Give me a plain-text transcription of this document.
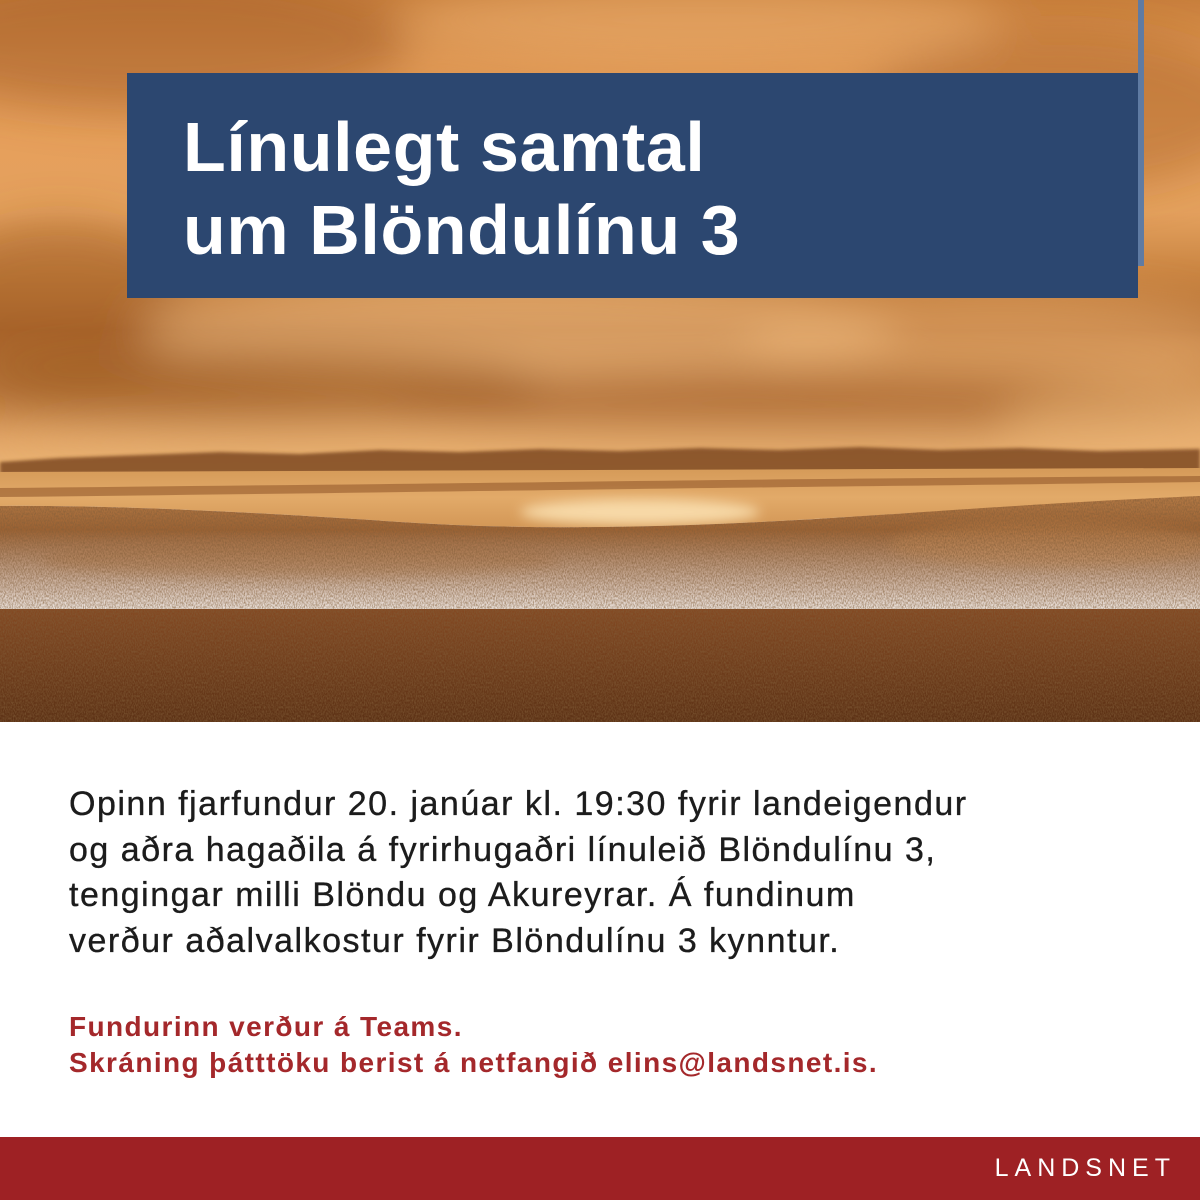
Línulegt samtal
um Blöndulínu 3
Opinn fjarfundur 20. janúar kl. 19:30 fyrir landeigendur
og aðra hagaðila á fyrirhugaðri línuleið Blöndulínu 3,
tengingar milli Blöndu og Akureyrar. Á fundinum
verður aðalvalkostur fyrir Blöndulínu 3 kynntur.
Fundurinn verður á Teams.
Skráning þátttöku berist á netfangið elins@landsnet.is.
LANDSNET
